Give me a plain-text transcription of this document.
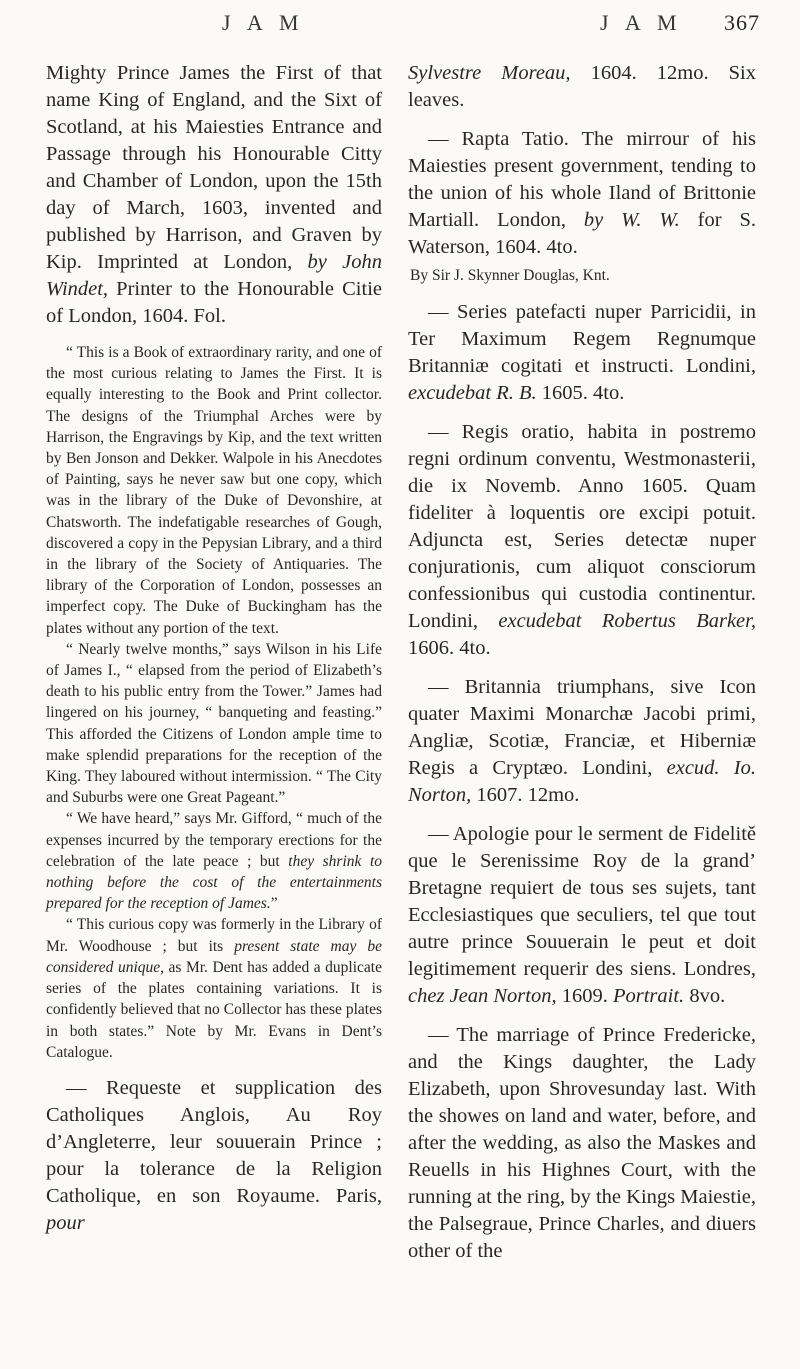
J A M	J A M 367

Mighty Prince James the First of that name King of England, and the Sixt of Scotland, at his Maiesties Entrance and Passage through his Honourable Citty and Chamber of London, upon the 15th day of March, 1603, invented and published by Harrison, and Graven by Kip. Imprinted at London, by John Windet, Printer to the Honourable Citie of London, 1604. Fol.

“ This is a Book of extraordinary rarity, and one of the most curious relating to James the First. It is equally interesting to the Book and Print collector. The designs of the Triumphal Arches were by Harrison, the Engravings by Kip, and the text written by Ben Jonson and Dekker. Walpole in his Anecdotes of Painting, says he never saw but one copy, which was in the library of the Duke of Devonshire, at Chatsworth. The indefatigable researches of Gough, discovered a copy in the Pepysian Library, and a third in the library of the Society of Antiquaries. The library of the Corporation of London, possesses an imperfect copy. The Duke of Buckingham has the plates without any portion of the text.

“ Nearly twelve months,” says Wilson in his Life of James I., “ elapsed from the period of Elizabeth’s death to his public entry from the Tower.” James had lingered on his journey, “ banqueting and feasting.” This afforded the Citizens of London ample time to make splendid preparations for the reception of the King. They laboured without intermission. “ The City and Suburbs were one Great Pageant.”

“ We have heard,” says Mr. Gifford, “ much of the expenses incurred by the temporary erections for the celebration of the late peace ; but they shrink to nothing before the cost of the entertainments prepared for the reception of James.”

“ This curious copy was formerly in the Library of Mr. Woodhouse ; but its present state may be considered unique, as Mr. Dent has added a duplicate series of the plates containing variations. It is confidently believed that no Collector has these plates in both states.” Note by Mr. Evans in Dent’s Catalogue.

— Requeste et supplication des Catholiques Anglois, Au Roy d’Angleterre, leur souuerain Prince ; pour la tolerance de la Religion Catholique, en son Royaume. Paris, pour

Sylvestre Moreau, 1604. 12mo. Six leaves.

— Rapta Tatio. The mirrour of his Maiesties present government, tending to the union of his whole Iland of Brittonie Martiall. London, by W. W. for S. Waterson, 1604. 4to.

By Sir J. Skynner Douglas, Knt.

— Series patefacti nuper Parricidii, in Ter Maximum Regem Regnumque Britanniæ cogitati et instructi. Londini, excudebat R. B. 1605. 4to.

— Regis oratio, habita in postremo regni ordinum conventu, Westmonasterii, die ix Novemb. Anno 1605. Quam fideliter à loquentis ore excipi potuit. Adjuncta est, Series detectæ nuper conjurationis, cum aliquot consciorum confessionibus qui custodia continentur. Londini, excudebat Robertus Barker, 1606. 4to.

— Britannia triumphans, sive Icon quater Maximi Monarchæ Jacobi primi, Angliæ, Scotiæ, Franciæ, et Hiberniæ Regis a Cryptæo. Londini, excud. Io. Norton, 1607. 12mo.

— Apologie pour le serment de Fidelitě que le Serenissime Roy de la grand’ Bretagne requiert de tous ses sujets, tant Ecclesiastiques que seculiers, tel que tout autre prince Souuerain le peut et doit legitimement requerir des siens. Londres, chez Jean Norton, 1609. Portrait. 8vo.

— The marriage of Prince Fredericke, and the Kings daughter, the Lady Elizabeth, upon Shrovesunday last. With the showes on land and water, before, and after the wedding, as also the Maskes and Reuells in his Highnes Court, with the running at the ring, by the Kings Maiestie, the Palsegraue, Prince Charles, and diuers other of the
